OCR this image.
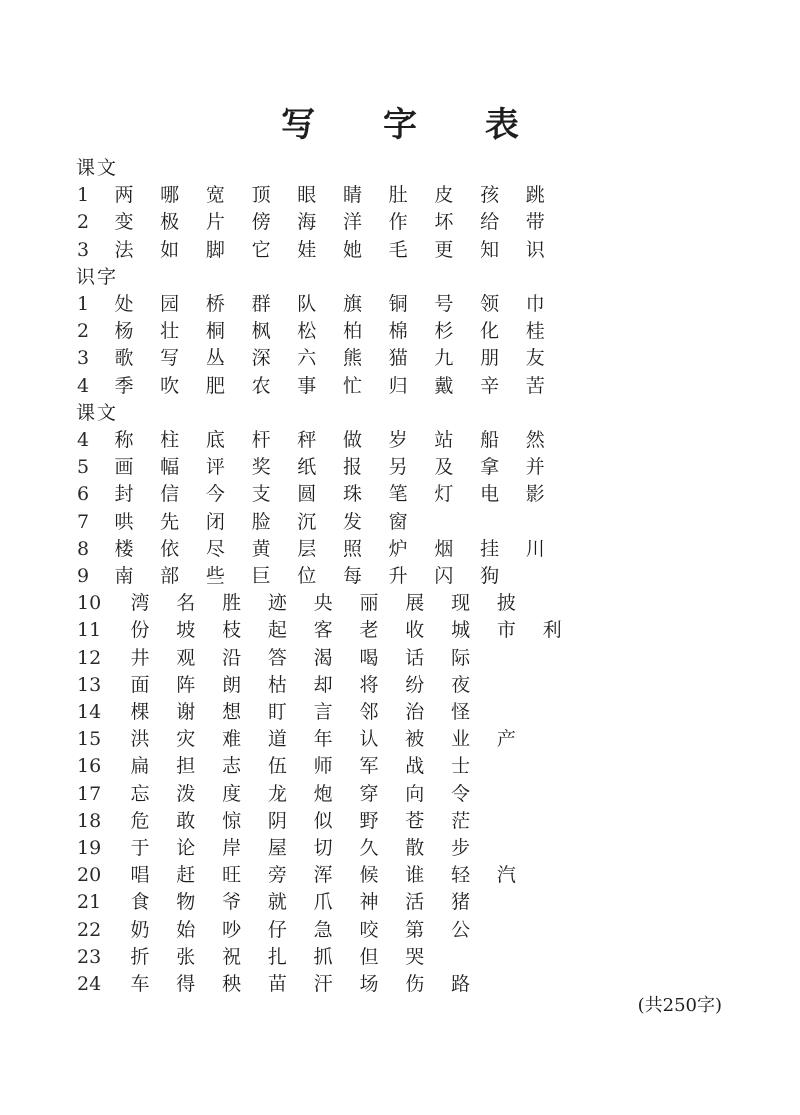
写 字 表
课文
1 两 哪 宽 顶 眼 睛 肚 皮 孩 跳
2 变 极 片 傍 海 洋 作 坏 给 带
3 法 如 脚 它 娃 她 毛 更 知 识
识字
1 处 园 桥 群 队 旗 铜 号 领 巾
2 杨 壮 桐 枫 松 柏 棉 杉 化 桂
3 歌 写 丛 深 六 熊 猫 九 朋 友
4 季 吹 肥 农 事 忙 归 戴 辛 苦
课文
4 称 柱 底 杆 秤 做 岁 站 船 然
5 画 幅 评 奖 纸 报 另 及 拿 并
6 封 信 今 支 圆 珠 笔 灯 电 影
7 哄 先 闭 脸 沉 发 窗
8 楼 依 尽 黄 层 照 炉 烟 挂 川
9 南 部 些 巨 位 每 升 闪 狗
10 湾 名 胜 迹 央 丽 展 现 披
11 份 坡 枝 起 客 老 收 城 市 利
12 井 观 沿 答 渴 喝 话 际
13 面 阵 朗 枯 却 将 纷 夜
14 棵 谢 想 盯 言 邻 治 怪
15 洪 灾 难 道 年 认 被 业 产
16 扁 担 志 伍 师 军 战 士
17 忘 泼 度 龙 炮 穿 向 令
18 危 敢 惊 阴 似 野 苍 茫
19 于 论 岸 屋 切 久 散 步
20 唱 赶 旺 旁 浑 候 谁 轻 汽
21 食 物 爷 就 爪 神 活 猪
22 奶 始 吵 仔 急 咬 第 公
23 折 张 祝 扎 抓 但 哭
24 车 得 秧 苗 汗 场 伤 路
(共250字)
